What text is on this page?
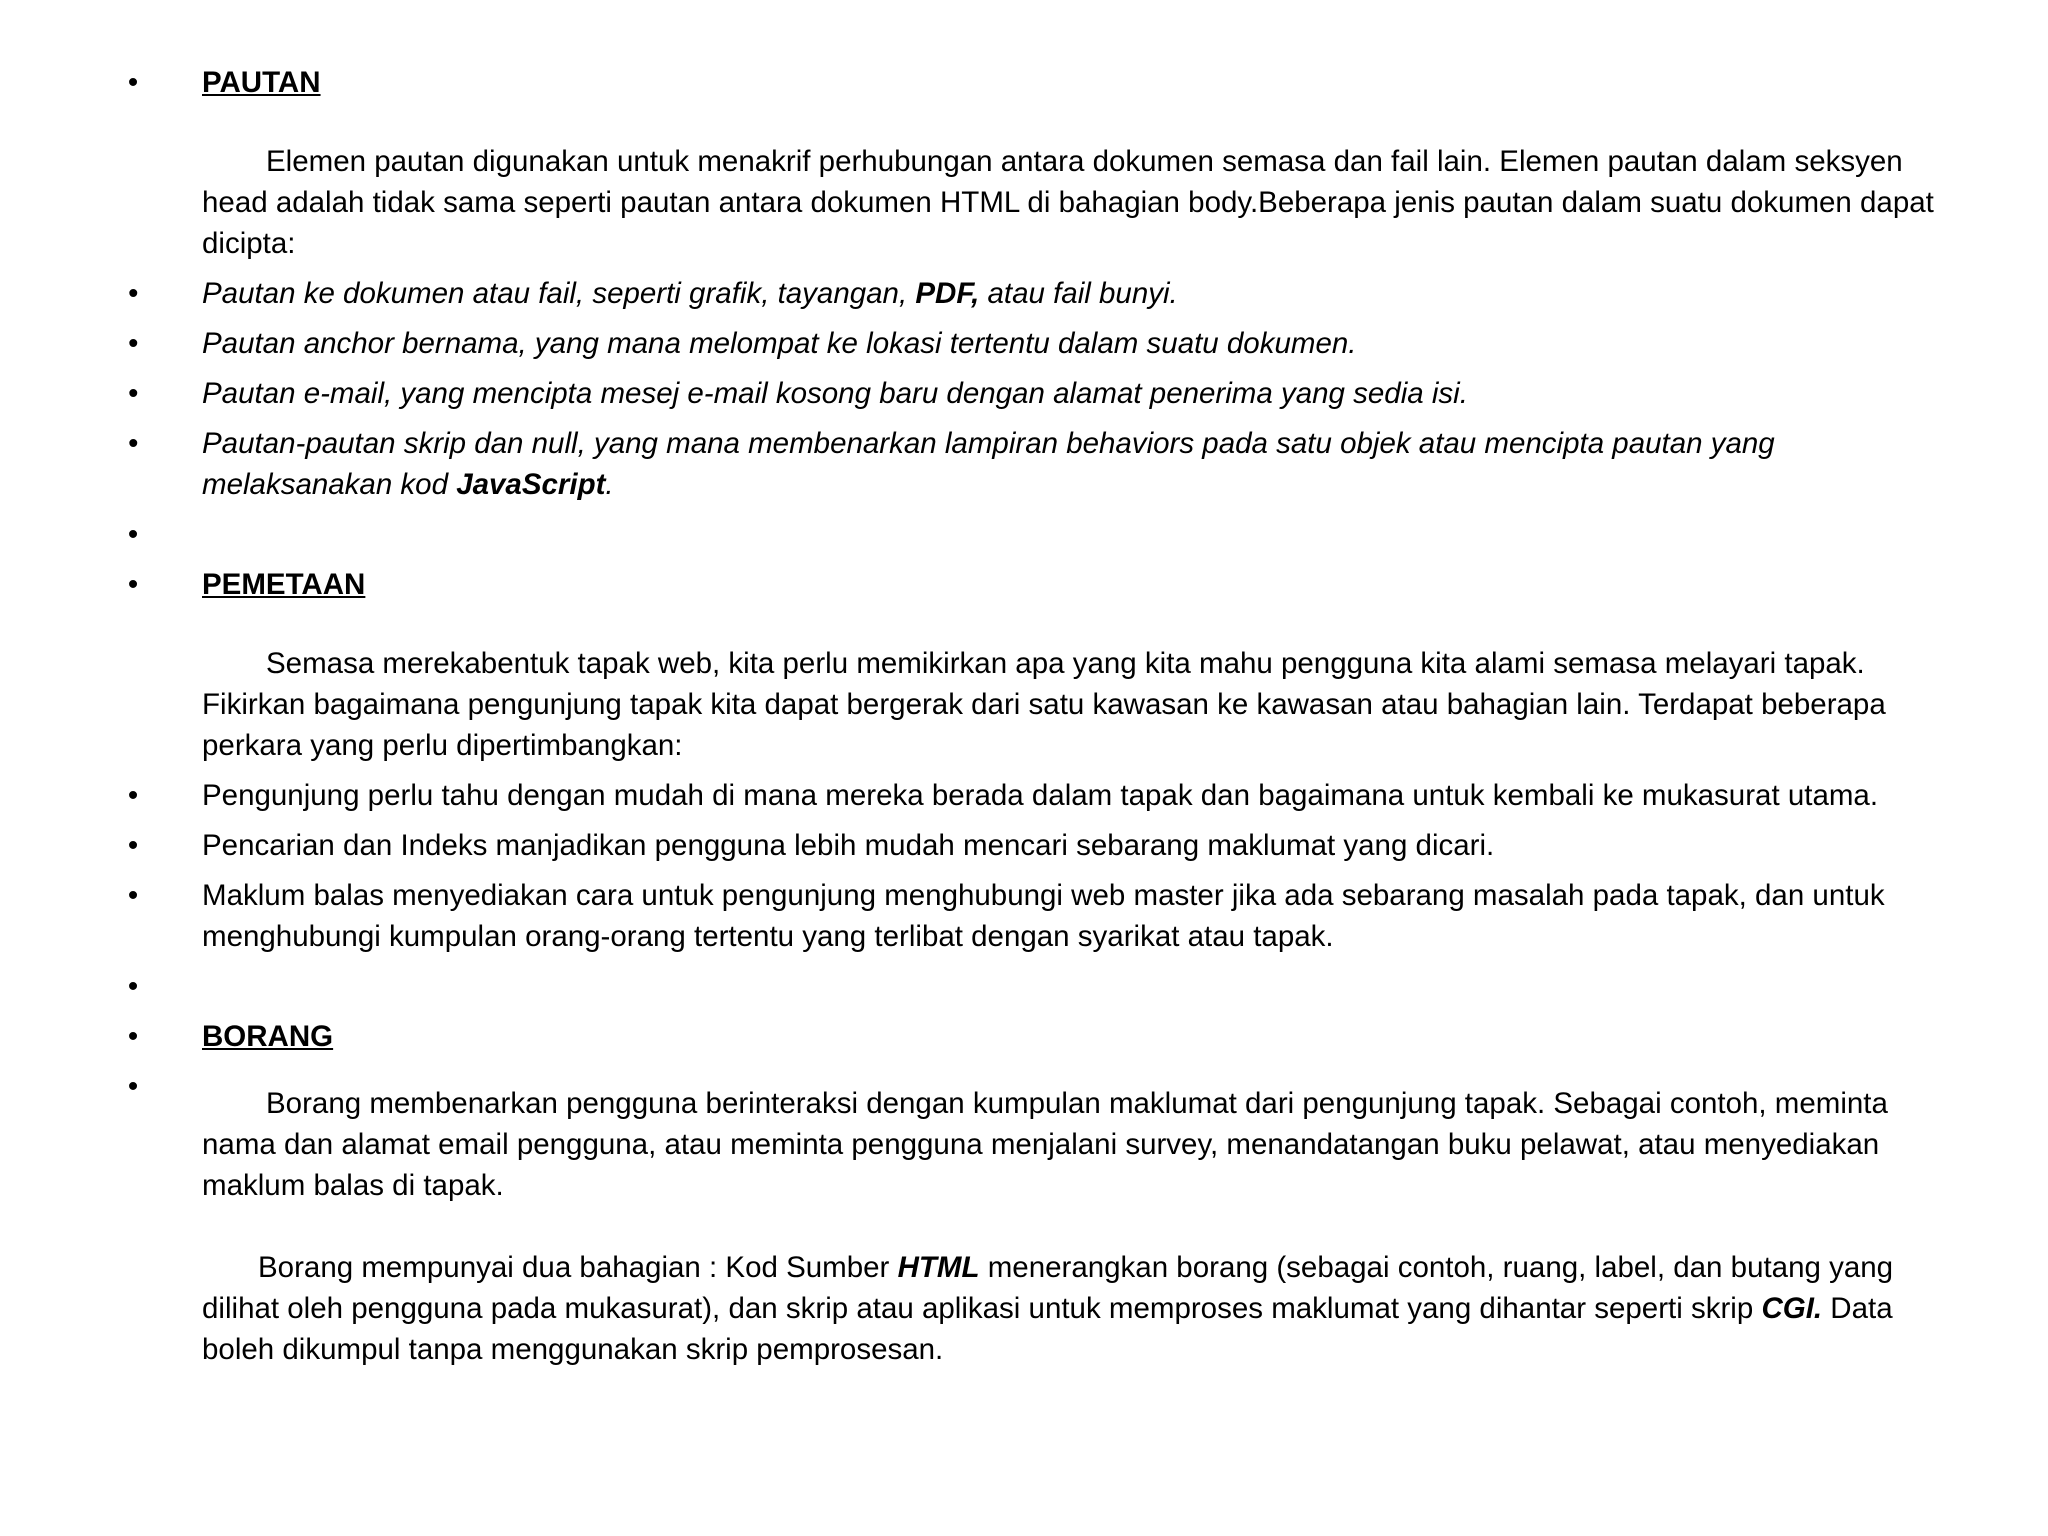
•
PAUTAN
Elemen pautan digunakan untuk menakrif perhubungan antara dokumen semasa dan fail lain. Elemen pautan dalam seksyen head adalah tidak sama seperti pautan antara dokumen HTML di bahagian body.Beberapa jenis pautan dalam suatu dokumen dapat dicipta:
•
Pautan ke dokumen atau fail, seperti grafik, tayangan, PDF, atau fail bunyi.
•
Pautan anchor bernama, yang mana melompat ke lokasi tertentu dalam suatu dokumen.
•
Pautan e-mail, yang mencipta mesej e-mail kosong baru dengan alamat penerima yang sedia isi.
•
Pautan-pautan skrip dan null, yang mana membenarkan lampiran behaviors pada satu objek atau mencipta pautan yang melaksanakan kod JavaScript.
•

•
PEMETAAN
Semasa merekabentuk tapak web, kita perlu memikirkan apa yang kita mahu pengguna kita alami semasa melayari tapak. Fikirkan bagaimana pengunjung tapak kita dapat bergerak dari satu kawasan ke kawasan atau bahagian lain. Terdapat beberapa perkara yang perlu dipertimbangkan:
•
Pengunjung perlu tahu dengan mudah di mana mereka berada dalam tapak dan bagaimana untuk kembali ke mukasurat utama.
•
Pencarian dan Indeks manjadikan pengguna lebih mudah mencari sebarang maklumat yang dicari.
•
Maklum balas menyediakan cara untuk pengunjung menghubungi web master jika ada sebarang masalah pada tapak, dan untuk menghubungi kumpulan orang-orang tertentu yang terlibat dengan syarikat atau tapak.
•

•
BORANG
•

Borang membenarkan pengguna berinteraksi dengan kumpulan maklumat dari pengunjung tapak. Sebagai contoh, meminta nama dan alamat email pengguna, atau meminta pengguna menjalani survey, menandatangan buku pelawat, atau menyediakan maklum balas di tapak.
Borang mempunyai dua bahagian : Kod Sumber HTML menerangkan borang (sebagai contoh, ruang, label, dan butang yang dilihat oleh pengguna pada mukasurat), dan skrip atau aplikasi untuk memproses maklumat yang dihantar seperti skrip CGI. Data boleh dikumpul tanpa menggunakan skrip pemprosesan.
